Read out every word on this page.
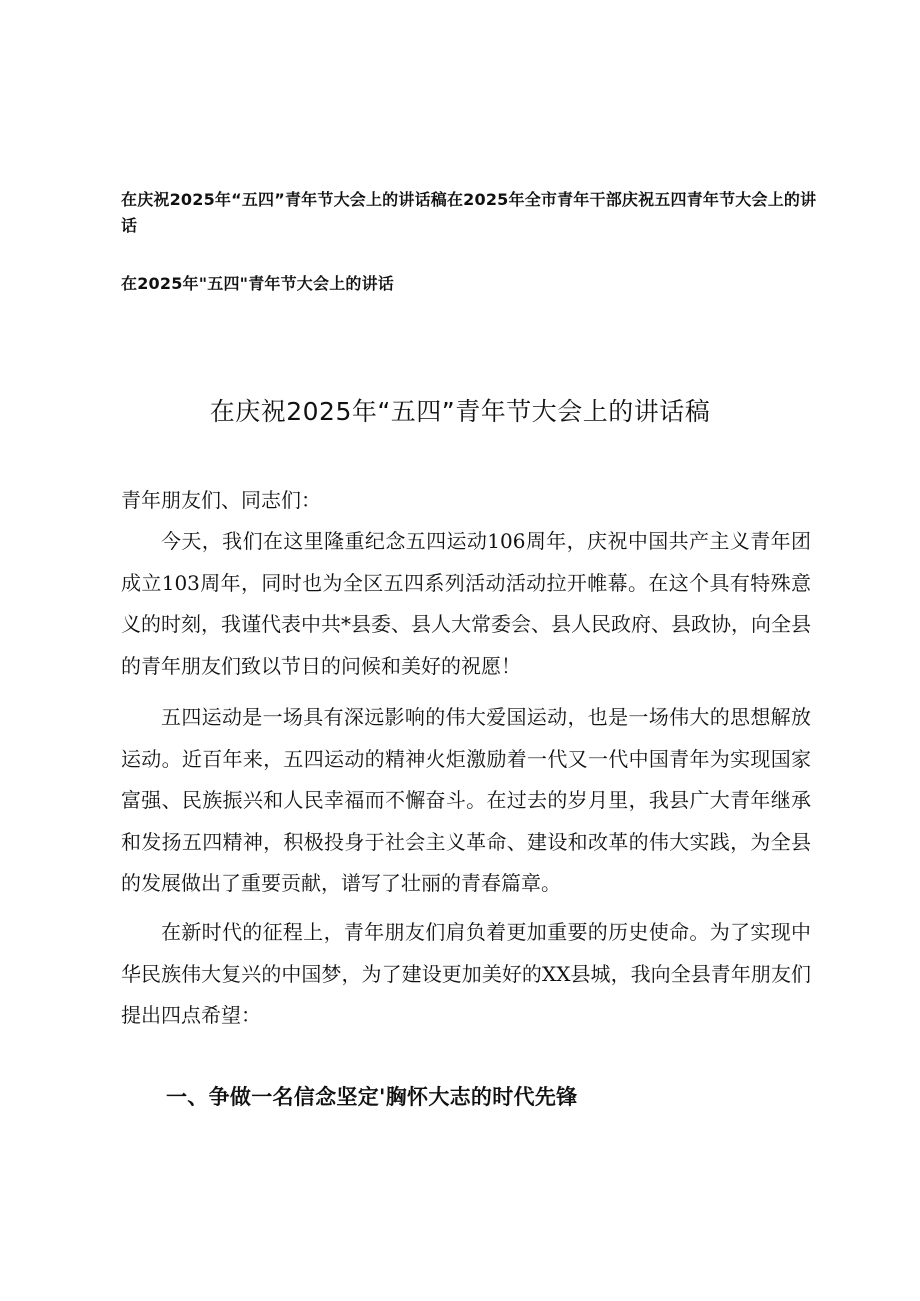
在庆祝2025年“五四”青年节大会上的讲话稿在2025年全市青年干部庆祝五四青年节大会上的讲话
在2025年"五四"青年节大会上的讲话
在庆祝2025年“五四”青年节大会上的讲话稿
青年朋友们、同志们：
今天，我们在这里隆重纪念五四运动106周年，庆祝中国共产主义青年团成立103周年，同时也为全区五四系列活动活动拉开帷幕。在这个具有特殊意义的时刻，我谨代表中共*县委、县人大常委会、县人民政府、县政协，向全县的青年朋友们致以节日的问候和美好的祝愿！
五四运动是一场具有深远影响的伟大爱国运动，也是一场伟大的思想解放运动。近百年来，五四运动的精神火炬激励着一代又一代中国青年为实现国家富强、民族振兴和人民幸福而不懈奋斗。在过去的岁月里，我县广大青年继承和发扬五四精神，积极投身于社会主义革命、建设和改革的伟大实践，为全县的发展做出了重要贡献，谱写了壮丽的青春篇章。
在新时代的征程上，青年朋友们肩负着更加重要的历史使命。为了实现中华民族伟大复兴的中国梦，为了建设更加美好的XX县城，我向全县青年朋友们提出四点希望：
一、争做一名信念坚定'胸怀大志的时代先锋
